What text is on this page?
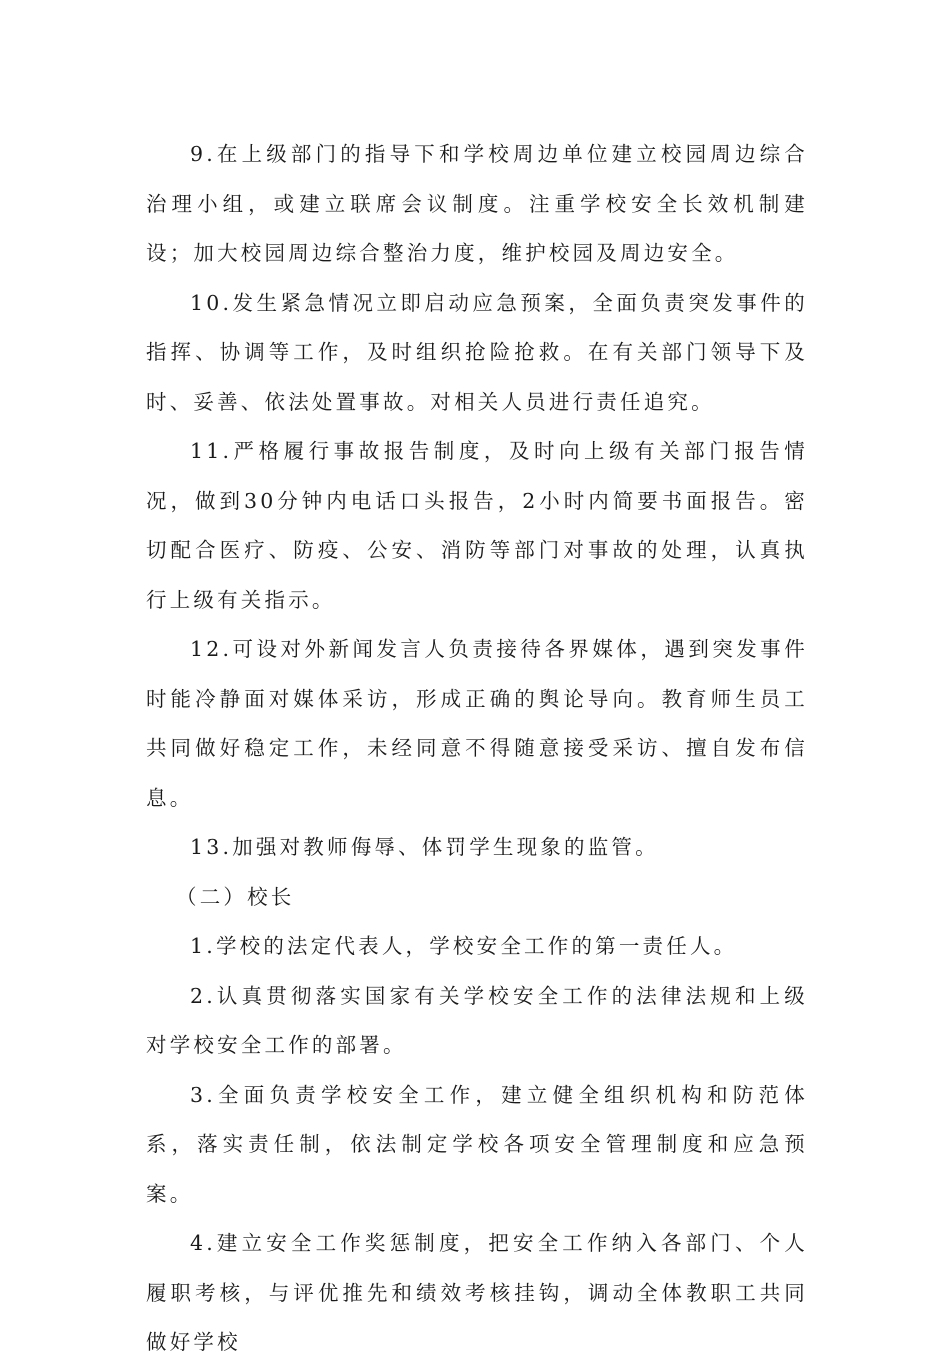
9.在上级部门的指导下和学校周边单位建立校园周边综合治理小组，或建立联席会议制度。注重学校安全长效机制建设；加大校园周边综合整治力度，维护校园及周边安全。

10.发生紧急情况立即启动应急预案，全面负责突发事件的指挥、协调等工作，及时组织抢险抢救。在有关部门领导下及时、妥善、依法处置事故。对相关人员进行责任追究。

11.严格履行事故报告制度，及时向上级有关部门报告情况，做到30分钟内电话口头报告，2小时内简要书面报告。密切配合医疗、防疫、公安、消防等部门对事故的处理，认真执行上级有关指示。

12.可设对外新闻发言人负责接待各界媒体，遇到突发事件时能冷静面对媒体采访，形成正确的舆论导向。教育师生员工共同做好稳定工作，未经同意不得随意接受采访、擅自发布信息。

13.加强对教师侮辱、体罚学生现象的监管。

（二）校长

1.学校的法定代表人，学校安全工作的第一责任人。

2.认真贯彻落实国家有关学校安全工作的法律法规和上级对学校安全工作的部署。

3.全面负责学校安全工作，建立健全组织机构和防范体系，落实责任制，依法制定学校各项安全管理制度和应急预案。

4.建立安全工作奖惩制度，把安全工作纳入各部门、个人履职考核，与评优推先和绩效考核挂钩，调动全体教职工共同做好学校
